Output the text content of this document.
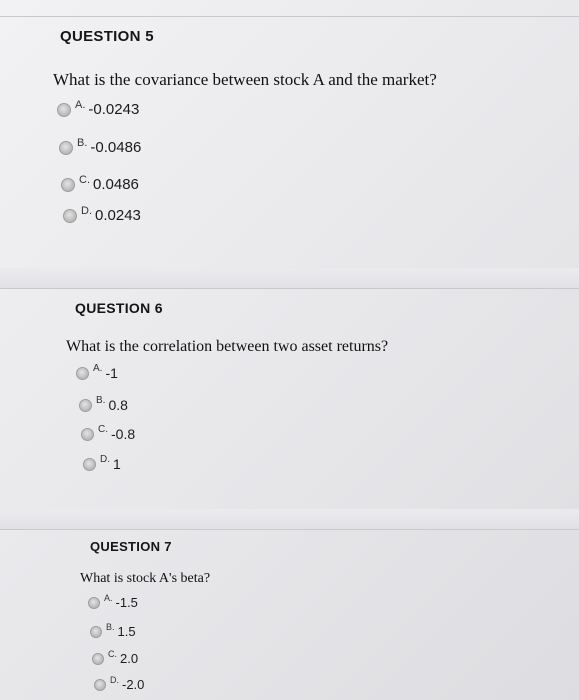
QUESTION 5
What is the covariance between stock A and the market?
A. -0.0243
B. -0.0486
C. 0.0486
D. 0.0243
QUESTION 6
What is the correlation between two asset returns?
A. -1
B. 0.8
C. -0.8
D. 1
QUESTION 7
What is stock A's beta?
A. -1.5
B. 1.5
C. 2.0
D. -2.0
